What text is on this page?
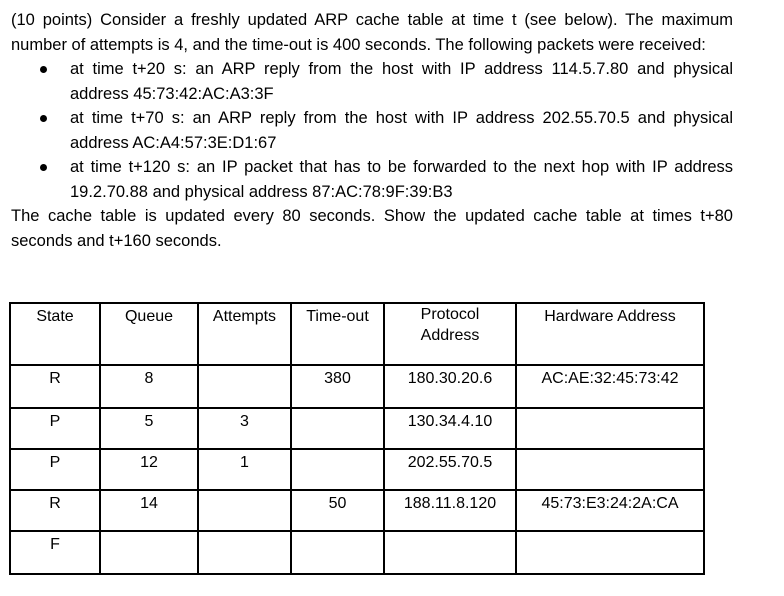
(10 points) Consider a freshly updated ARP cache table at time t (see below). The maximum number of attempts is 4, and the time-out is 400 seconds. The following packets were received:

at time t+20 s: an ARP reply from the host with IP address 114.5.7.80 and physical address 45:73:42:AC:A3:3F
at time t+70 s: an ARP reply from the host with IP address 202.55.70.5 and physical address AC:A4:57:3E:D1:67
at time t+120 s: an IP packet that has to be forwarded to the next hop with IP address 19.2.70.88 and physical address 87:AC:78:9F:39:B3

The cache table is updated every 80 seconds. Show the updated cache table at times t+80 seconds and t+160 seconds.

State	Queue	Attempts	Time-out	Protocol Address	Hardware Address
R	8		380	180.30.20.6	AC:AE:32:45:73:42
P	5	3		130.34.4.10	
P	12	1		202.55.70.5	
R	14		50	188.11.8.120	45:73:E3:24:2A:CA
F					
